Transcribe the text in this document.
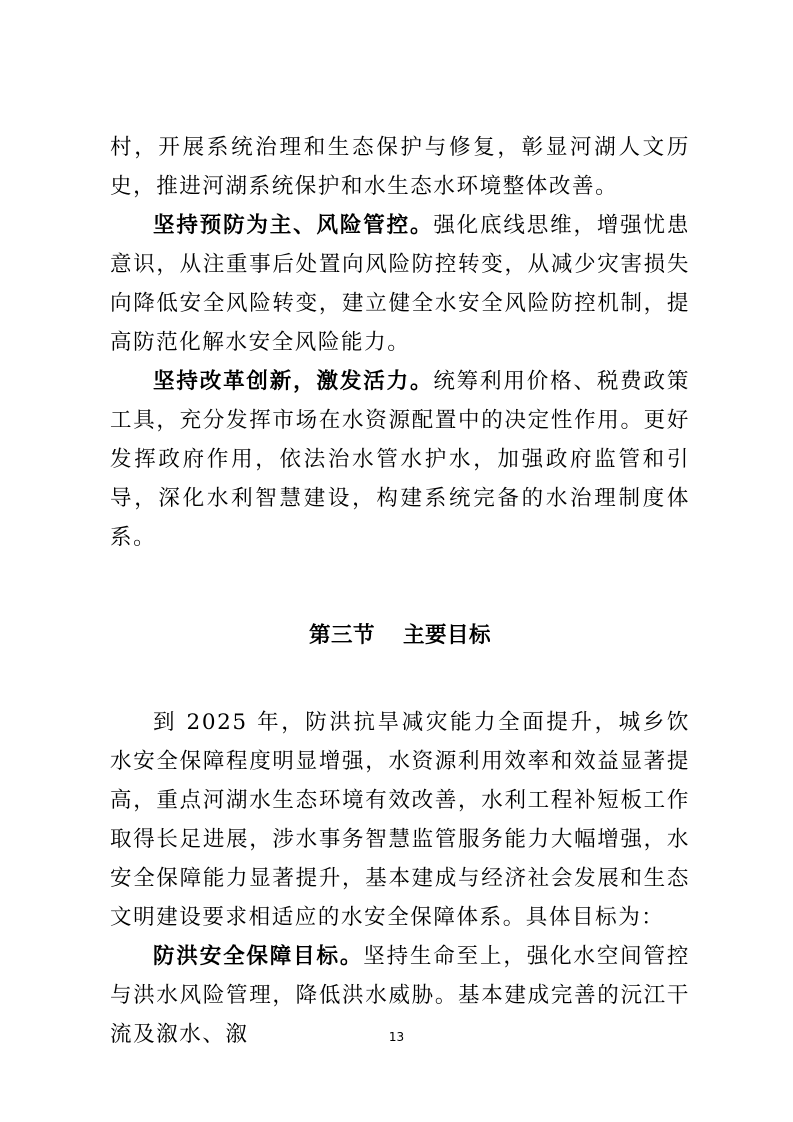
村，开展系统治理和生态保护与修复，彰显河湖人文历史，推进河湖系统保护和水生态水环境整体改善。

坚持预防为主、风险管控。强化底线思维，增强忧患意识，从注重事后处置向风险防控转变，从减少灾害损失向降低安全风险转变，建立健全水安全风险防控机制，提高防范化解水安全风险能力。

坚持改革创新，激发活力。统筹利用价格、税费政策工具，充分发挥市场在水资源配置中的决定性作用。更好发挥政府作用，依法治水管水护水，加强政府监管和引导，深化水利智慧建设，构建系统完备的水治理制度体系。

第三节 主要目标

到 2025 年，防洪抗旱减灾能力全面提升，城乡饮水安全保障程度明显增强，水资源利用效率和效益显著提高，重点河湖水生态环境有效改善，水利工程补短板工作取得长足进展，涉水事务智慧监管服务能力大幅增强，水安全保障能力显著提升，基本建成与经济社会发展和生态文明建设要求相适应的水安全保障体系。具体目标为：

防洪安全保障目标。坚持生命至上，强化水空间管控与洪水风险管理，降低洪水威胁。基本建成完善的沅江干流及溆水、溆	13
